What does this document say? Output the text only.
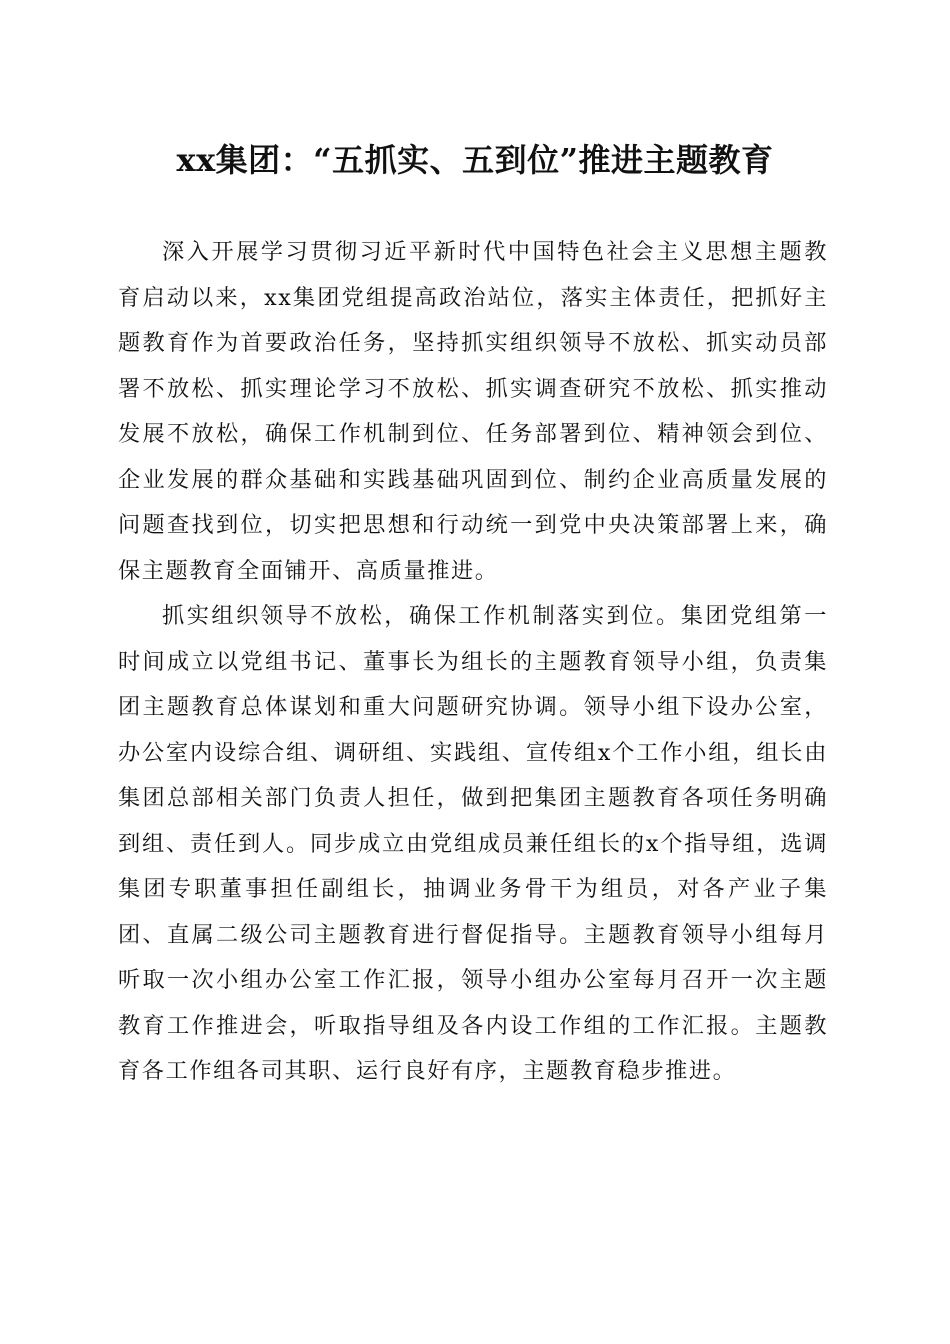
xx集团：“五抓实、五到位”推进主题教育

深入开展学习贯彻习近平新时代中国特色社会主义思想主题教育启动以来，xx集团党组提高政治站位，落实主体责任，把抓好主题教育作为首要政治任务，坚持抓实组织领导不放松、抓实动员部署不放松、抓实理论学习不放松、抓实调查研究不放松、抓实推动发展不放松，确保工作机制到位、任务部署到位、精神领会到位、企业发展的群众基础和实践基础巩固到位、制约企业高质量发展的问题查找到位，切实把思想和行动统一到党中央决策部署上来，确保主题教育全面铺开、高质量推进。

抓实组织领导不放松，确保工作机制落实到位。集团党组第一时间成立以党组书记、董事长为组长的主题教育领导小组，负责集团主题教育总体谋划和重大问题研究协调。领导小组下设办公室，办公室内设综合组、调研组、实践组、宣传组x个工作小组，组长由集团总部相关部门负责人担任，做到把集团主题教育各项任务明确到组、责任到人。同步成立由党组成员兼任组长的x个指导组，选调集团专职董事担任副组长，抽调业务骨干为组员，对各产业子集团、直属二级公司主题教育进行督促指导。主题教育领导小组每月听取一次小组办公室工作汇报，领导小组办公室每月召开一次主题教育工作推进会，听取指导组及各内设工作组的工作汇报。主题教育各工作组各司其职、运行良好有序，主题教育稳步推进。
